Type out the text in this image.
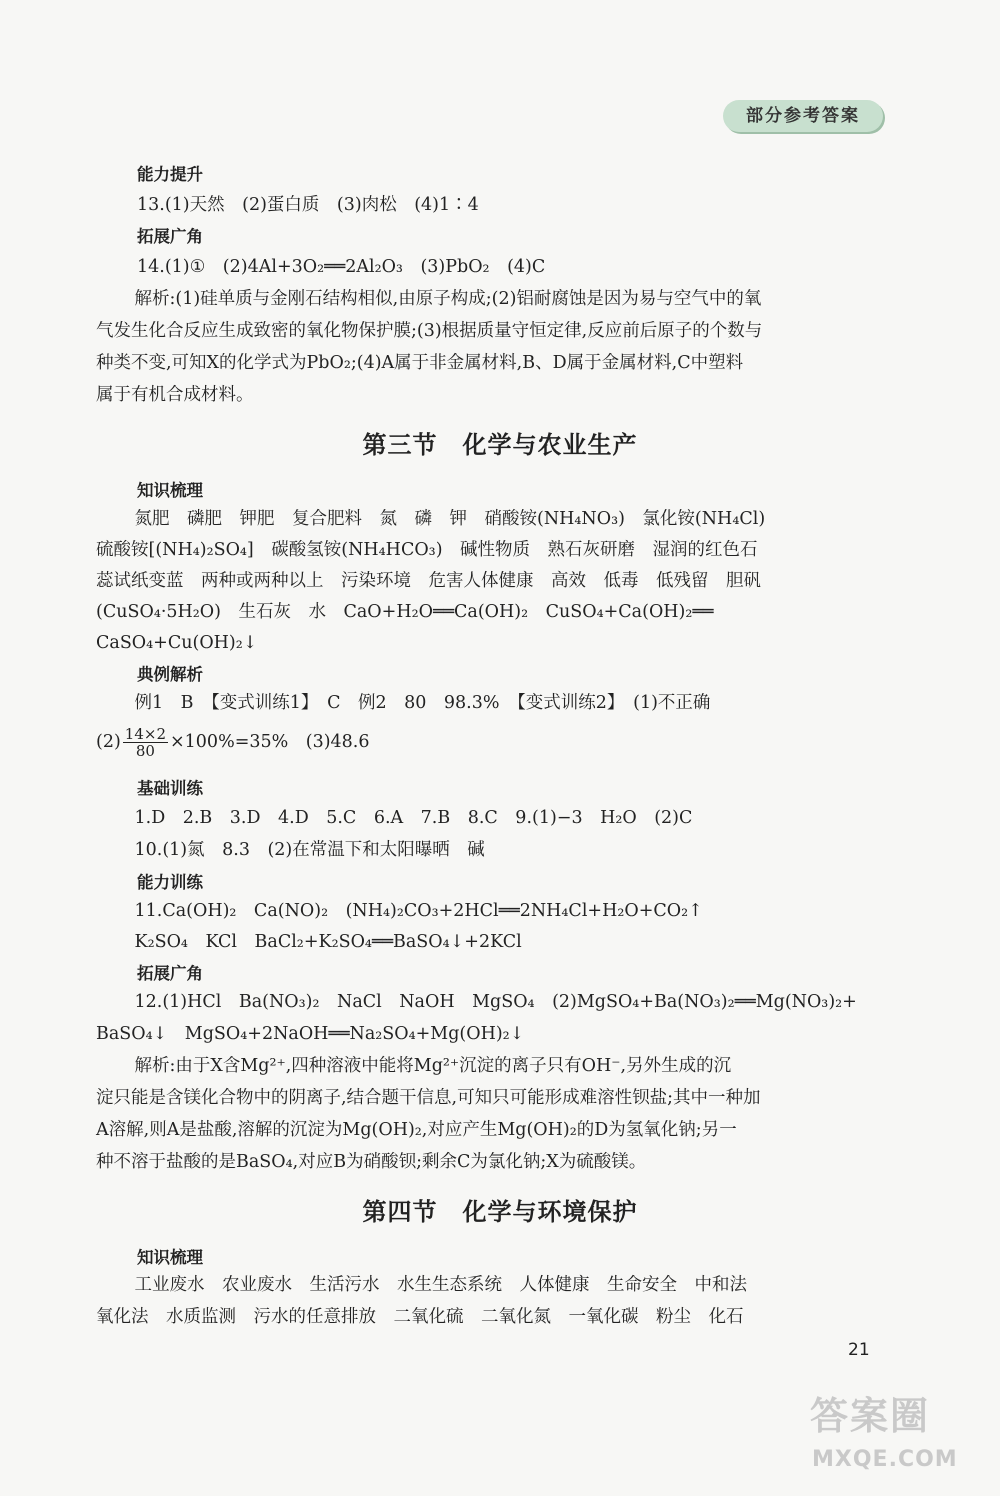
部分参考答案
能力提升
13.(1)天然　(2)蛋白质　(3)肉松　(4)1∶4
拓展广角
14.(1)①　(2)4Al+3O₂══2Al₂O₃　(3)PbO₂　(4)C
　解析:(1)硅单质与金刚石结构相似,由原子构成;(2)铝耐腐蚀是因为易与空气中的氧
气发生化合反应生成致密的氧化物保护膜;(3)根据质量守恒定律,反应前后原子的个数与
种类不变,可知X的化学式为PbO₂;(4)A属于非金属材料,B、D属于金属材料,C中塑料
属于有机合成材料。
第三节　化学与农业生产
知识梳理
　氮肥　磷肥　钾肥　复合肥料　氮　磷　钾　硝酸铵(NH₄NO₃)　氯化铵(NH₄Cl)
硫酸铵[(NH₄)₂SO₄]　碳酸氢铵(NH₄HCO₃)　碱性物质　熟石灰研磨　湿润的红色石
蕊试纸变蓝　两种或两种以上　污染环境　危害人体健康　高效　低毒　低残留　胆矾
(CuSO₄·5H₂O)　生石灰　水　CaO+H₂O══Ca(OH)₂　CuSO₄+Ca(OH)₂══
CaSO₄+Cu(OH)₂↓
典例解析
　例1　B　【变式训练1】　C　例2　80　98.3%　【变式训练2】　(1)不正确
$(2) \frac{14\times 2}{80} \times 100\%=35\%$　(3)48.6
基础训练
　1.D　2.B　3.D　4.D　5.C　6.A　7.B　8.C　9.(1)−3　H₂O　(2)C
　10.(1)氮　8.3　(2)在常温下和太阳曝晒　碱
能力训练
　11.Ca(OH)₂　Ca(NO)₂　(NH₄)₂CO₃+2HCl══2NH₄Cl+H₂O+CO₂↑
　K₂SO₄　KCl　BaCl₂+K₂SO₄══BaSO₄↓+2KCl
拓展广角
　12.(1)HCl　Ba(NO₃)₂　NaCl　NaOH　MgSO₄　(2)MgSO₄+Ba(NO₃)₂══Mg(NO₃)₂+
BaSO₄↓　MgSO₄+2NaOH══Na₂SO₄+Mg(OH)₂↓
　解析:由于X含Mg²⁺,四种溶液中能将Mg²⁺沉淀的离子只有OH⁻,另外生成的沉
淀只能是含镁化合物中的阴离子,结合题干信息,可知只可能形成难溶性钡盐;其中一种加
A溶解,则A是盐酸,溶解的沉淀为Mg(OH)₂,对应产生Mg(OH)₂的D为氢氧化钠;另一
种不溶于盐酸的是BaSO₄,对应B为硝酸钡;剩余C为氯化钠;X为硫酸镁。
第四节　化学与环境保护
知识梳理
　工业废水　农业废水　生活污水　水生生态系统　人体健康　生命安全　中和法
氧化法　水质监测　污水的任意排放　二氧化硫　二氧化氮　一氧化碳　粉尘　化石
21
答案圈
MXQE.COM
